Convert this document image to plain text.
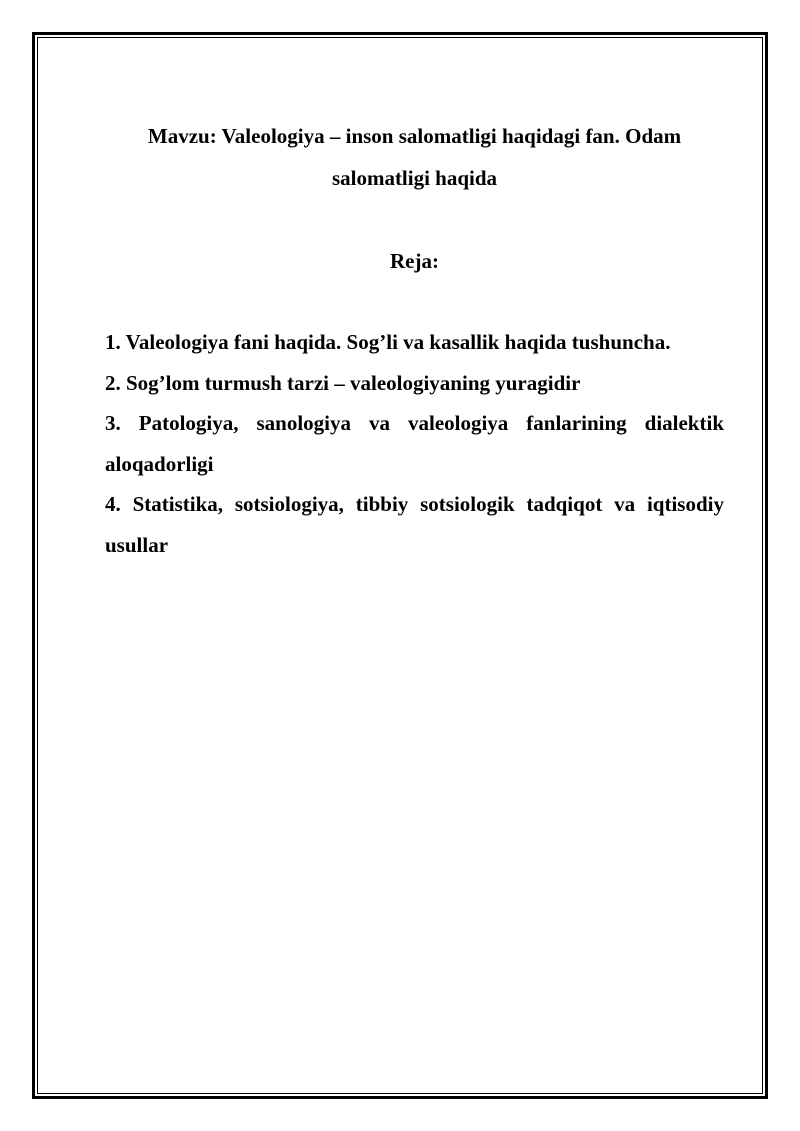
Mavzu: Valeologiya – inson salomatligi haqidagi fan. Odam salomatligi haqida
Reja:
1. Valeologiya fani haqida. Sog’li va kasallik haqida tushuncha.
2. Sog’lom turmush tarzi – valeologiyaning yuragidir
3. Patologiya, sanologiya va valeologiya fanlarining dialektik aloqadorligi
4. Statistika, sotsiologiya, tibbiy sotsiologik tadqiqot va iqtisodiy usullar
